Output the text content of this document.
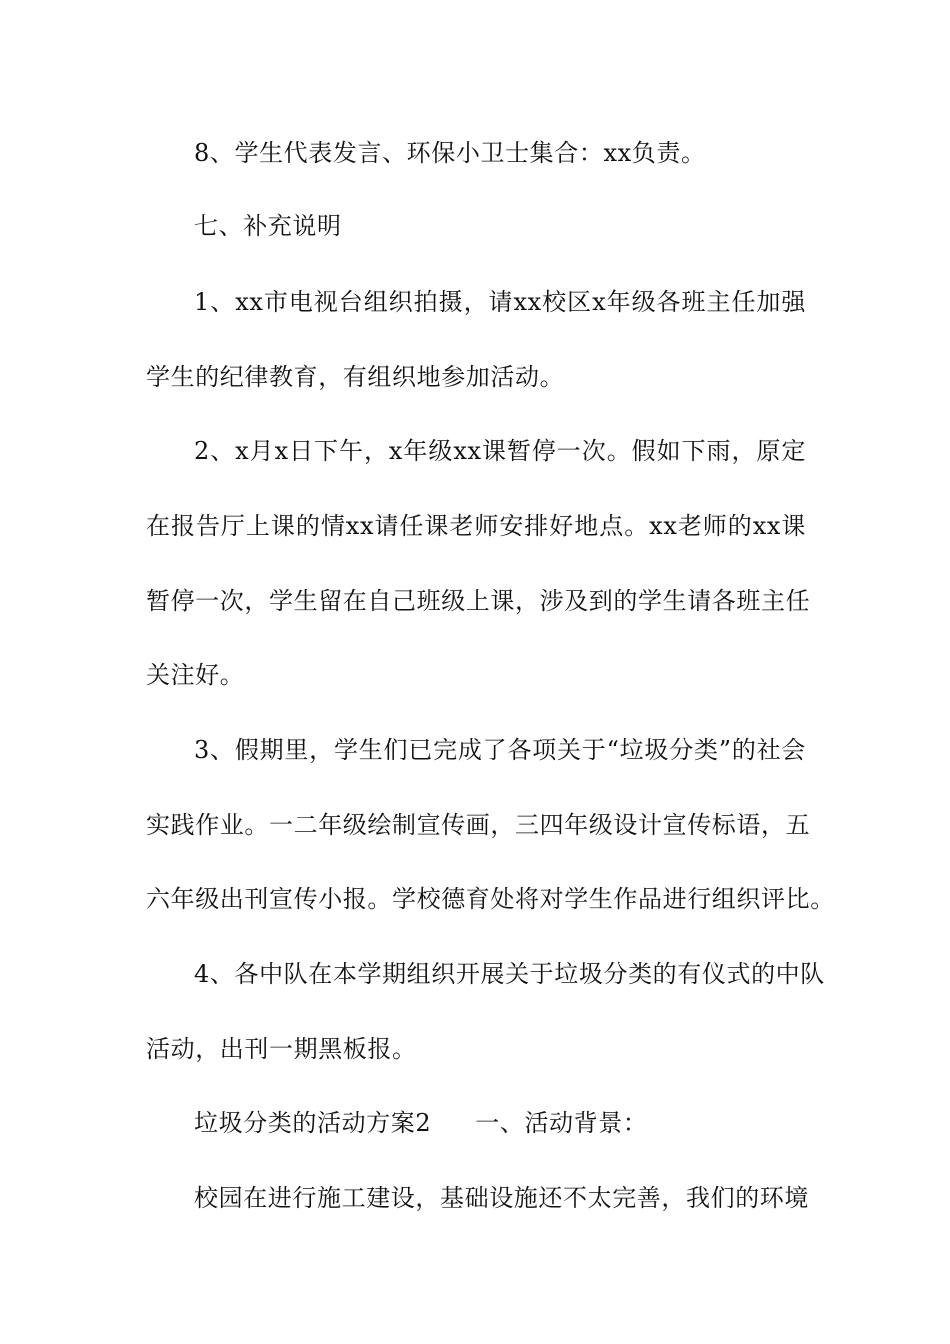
8、学生代表发言、环保小卫士集合：xx负责。
七、补充说明
1、xx市电视台组织拍摄，请xx校区x年级各班主任加强
学生的纪律教育，有组织地参加活动。
2、x月x日下午，x年级xx课暂停一次。假如下雨，原定
在报告厅上课的情xx请任课老师安排好地点。xx老师的xx课
暂停一次，学生留在自己班级上课，涉及到的学生请各班主任
关注好。
3、假期里，学生们已完成了各项关于“垃圾分类”的社会
实践作业。一二年级绘制宣传画，三四年级设计宣传标语，五
六年级出刊宣传小报。学校德育处将对学生作品进行组织评比。
4、各中队在本学期组织开展关于垃圾分类的有仪式的中队
活动，出刊一期黑板报。
垃圾分类的活动方案2 一、活动背景：
校园在进行施工建设，基础设施还不太完善，我们的环境
